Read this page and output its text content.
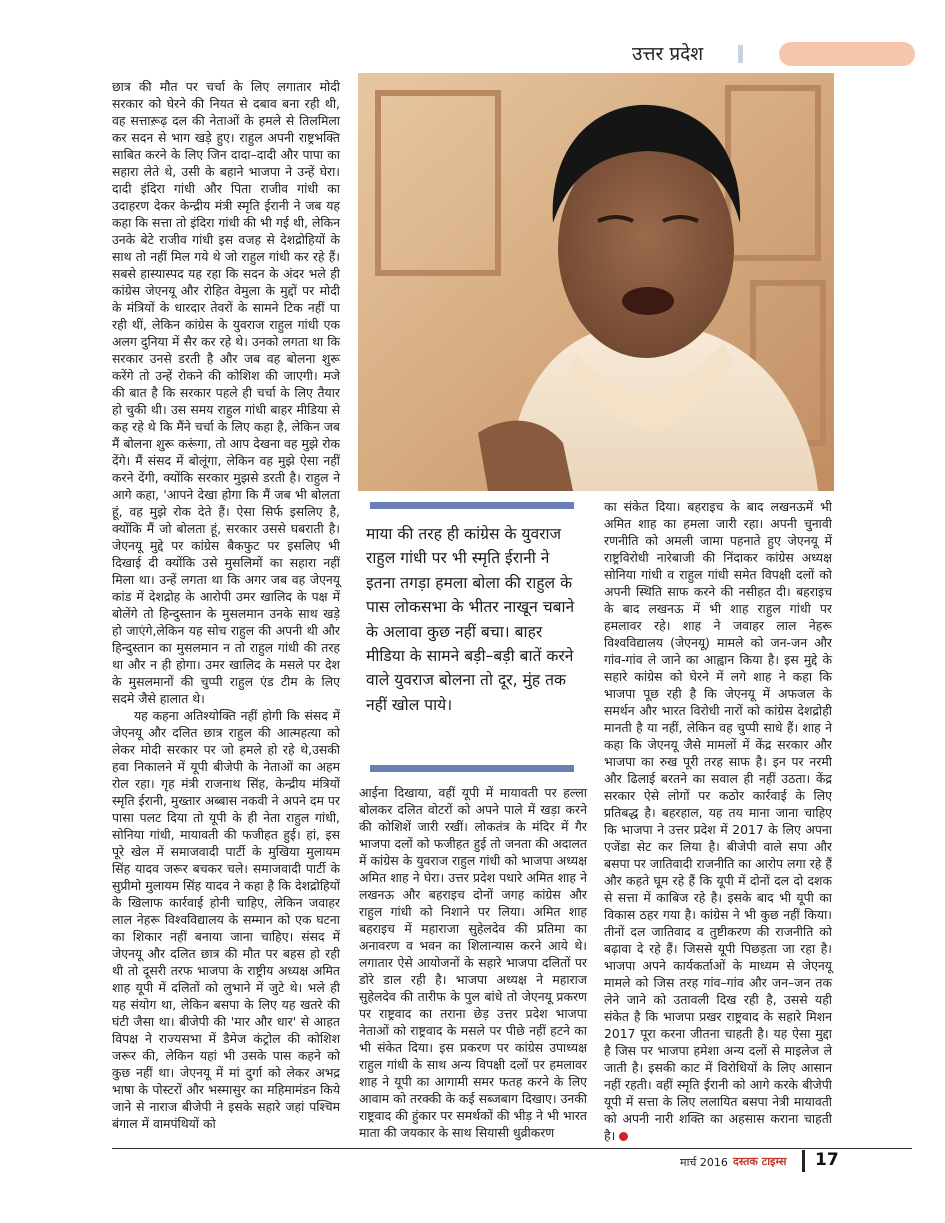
उत्तर प्रदेश

छात्र की मौत पर चर्चा के लिए लगातार मोदी सरकार को घेरने की नियत से दबाव बना रही थी, वह सत्ताऱूढ़ दल की नेताओं के हमले से तिलमिला कर सदन से भाग खड़े हुए। राहुल अपनी राष्ट्रभक्ति साबित करने के लिए जिन दादा–दादी और पापा का सहारा लेते थे, उसी के बहाने भाजपा ने उन्हें घेरा। दादी इंदिरा गांधी और पिता राजीव गांधी का उदाहरण देकर केन्द्रीय मंत्री स्मृति ईरानी ने जब यह कहा कि सत्ता तो इंदिरा गांधी की भी गई थी, लेकिन उनके बेटे राजीव गांधी इस वजह से देशद्रोहियों के साथ तो नहीं मिल गये थे जो राहुल गांधी कर रहे हैं। सबसे हास्यास्पद यह रहा कि सदन के अंदर भले ही कांग्रेस जेएनयू और रोहित वेमुला के मुद्दों पर मोदी के मंत्रियों के धारदार तेवरों के सामने टिक नहीं पा रही थीं, लेकिन कांग्रेस के युवराज राहुल गांधी एक अलग दुनिया में सैर कर रहे थे। उनको लगता था कि सरकार उनसे डरती है और जब वह बोलना शुरू करेंगे तो उन्हें रोकने की कोशिश की जाएगी। मजे की बात है कि सरकार पहले ही चर्चा के लिए तैयार हो चुकी थी। उस समय राहुल गांधी बाहर मीडिया से कह रहे थे कि मैंने चर्चा के लिए कहा है, लेकिन जब मैं बोलना शुरू करूंगा, तो आप देखना वह मुझे रोक देंगे। मैं संसद में बोलूंगा, लेकिन वह मुझे ऐसा नहीं करने देंगी, क्योंकि सरकार मुझसे डरती है। राहुल ने आगे कहा, 'आपने देखा होगा कि मैं जब भी बोलता हूं, वह मुझे रोक देते हैं। ऐसा सिर्फ इसलिए है, क्योंकि मैं जो बोलता हूं, सरकार उससे घबराती है। जेएनयू मुद्दे पर कांग्रेस बैकफुट पर इसलिए भी दिखाई दी क्योंकि उसे मुसलिमों का सहारा नहीं मिला था। उन्हें लगता था कि अगर जब वह जेएनयू कांड में देशद्रोह के आरोपी उमर खालिद के पक्ष में बोलेंगे तो हिन्दुस्तान के मुसलमान उनके साथ खड़े हो जाएंगे,लेकिन यह सोच राहुल की अपनी थी और हिन्दुस्तान का मुसलमान न तो राहुल गांधी की तरह था और न ही होगा। उमर खालिद के मसले पर देश के मुसलमानों की चुप्पी राहुल एंड टीम के लिए सदमे जैसे हालात थे।

यह कहना अतिश्योक्ति नहीं होगी कि संसद में जेएनयू और दलित छात्र राहुल की आत्महत्या को लेकर मोदी सरकार पर जो हमले हो रहे थे,उसकी हवा निकालने में यूपी बीजेपी के नेताओं का अहम रोल रहा। गृह मंत्री राजनाथ सिंह, केन्द्रीय मंत्रियों स्मृति ईरानी, मुख्तार अब्बास नकवी ने अपने दम पर पासा पलट दिया तो यूपी के ही नेता राहुल गांधी, सोनिया गांधी, मायावती की फजीहत हुई। हां, इस पूरे खेल में समाजवादी पार्टी के मुखिया मुलायम सिंह यादव जरूर बचकर चले। समाजवादी पार्टी के सुप्रीमो मुलायम सिंह यादव ने कहा है कि देशद्रोहियों के खिलाफ कार्रवाई होनी चाहिए, लेकिन जवाहर लाल नेहरू विश्वविद्यालय के सम्मान को एक घटना का शिकार नहीं बनाया जाना चाहिए। संसद में जेएनयू और दलित छात्र की मौत पर बहस हो रही थी तो दूसरी तरफ भाजपा के राष्ट्रीय अध्यक्ष अमित शाह यूपी में दलितों को लुभाने में जुटे थे। भले ही यह संयोग था, लेकिन बसपा के लिए यह खतरे की घंटी जैसा था। बीजेपी की 'मार और धार' से आहत विपक्ष ने राज्यसभा में डैमेज कंट्रोल की कोशिश जरूर की, लेकिन यहां भी उसके पास कहने को कुछ नहीं था। जेएनयू में मां दुर्गा को लेकर अभद्र भाषा के पोस्टरों और भस्मासुर का महिमामंडन किये जाने से नाराज बीजेपी ने इसके सहारे जहां पश्चिम बंगाल में वामपंथियों को

माया की तरह ही कांग्रेस के युवराज राहुल गांधी पर भी स्मृति ईरानी ने इतना तगड़ा हमला बोला की राहुल के पास लोकसभा के भीतर नाखून चबाने के अलावा कुछ नहीं बचा। बाहर मीडिया के सामने बड़ी–बड़ी बातें करने वाले युवराज बोलना तो दूर, मुंह तक नहीं खोल पाये।

आईना दिखाया, वहीं यूपी में मायावती पर हल्ला बोलकर दलित वोटरों को अपने पाले में खड़ा करने की कोशिशें जारी रखीं। लोकतंत्र के मंदिर में गैर भाजपा दलों को फजीहत हुई तो जनता की अदालत में कांग्रेस के युवराज राहुल गांधी को भाजपा अध्यक्ष अमित शाह ने घेरा। उत्तर प्रदेश पधारे अमित शाह ने लखनऊ और बहराइच दोनों जगह कांग्रेस और राहुल गांधी को निशाने पर लिया। अमित शाह बहराइच में महाराजा सुहेलदेव की प्रतिमा का अनावरण व भवन का शिलान्यास करने आये थे। लगातार ऐसे आयोजनों के सहारे भाजपा दलितों पर डोरे डाल रही है। भाजपा अध्यक्ष ने महाराज सुहेलदेव की तारीफ के पुल बांधे तो जेएनयू प्रकरण पर राष्ट्रवाद का तराना छेड़ उत्तर प्रदेश भाजपा नेताओं को राष्ट्रवाद के मसले पर पीछे नहीं हटने का भी संकेत दिया। इस प्रकरण पर कांग्रेस उपाध्यक्ष राहुल गांधी के साथ अन्य विपक्षी दलों पर हमलावर शाह ने यूपी का आगामी समर फतह करने के लिए आवाम को तरक्की के कई सब्जबाग दिखाए। उनकी राष्ट्रवाद की हुंकार पर समर्थकों की भीड़ ने भी भारत माता की जयकार के साथ सियासी धुव्रीकरण

का संकेत दिया। बहराइच के बाद लखनऊमें भी अमित शाह का हमला जारी रहा। अपनी चुनावी रणनीति को अमली जामा पहनाते हुए जेएनयू में राष्ट्रविरोधी नारेबाजी की निंदाकर कांग्रेस अध्यक्ष सोनिया गांधी व राहुल गांधी समेत विपक्षी दलों को अपनी स्थिति साफ करने की नसीहत दी। बहराइच के बाद लखनऊ में भी शाह राहुल गांधी पर हमलावर रहे। शाह ने जवाहर लाल नेहरू विश्वविद्यालय (जेएनयू) मामले को जन-जन और गांव-गांव ले जाने का आह्वान किया है। इस मुद्दे के सहारे कांग्रेस को घेरने में लगे शाह ने कहा कि भाजपा पूछ रही है कि जेएनयू में अफजल के समर्थन और भारत विरोधी नारों को कांग्रेस देशद्रोही मानती है या नहीं, लेकिन वह चुप्पी साधे हैं। शाह ने कहा कि जेएनयू जैसे मामलों में केंद्र सरकार और भाजपा का रुख पूरी तरह साफ है। इन पर नरमी और ढिलाई बरतने का सवाल ही नहीं उठता। केंद्र सरकार ऐसे लोगों पर कठोर कार्रवाई के लिए प्रतिबद्ध है। बहरहाल, यह तय माना जाना चाहिए कि भाजपा ने उत्तर प्रदेश में 2017 के लिए अपना एजेंडा सेट कर लिया है। बीजेपी वाले सपा और बसपा पर जातिवादी राजनीति का आरोप लगा रहे हैं और कहते घूम रहे हैं कि यूपी में दोनों दल दो दशक से सत्ता में काबिज रहे है। इसके बाद भी यूपी का विकास ठहर गया है। कांग्रेस ने भी कुछ नहीं किया। तीनों दल जातिवाद व तुष्टीकरण की राजनीति को बढ़ावा दे रहे हैं। जिससे यूपी पिछड़ता जा रहा है। भाजपा अपने कार्यकर्ताओं के माध्यम से जेएनयू मामले को जिस तरह गांव–गांव और जन–जन तक लेने जाने को उतावली दिख रही है, उससे यही संकेत है कि भाजपा प्रखर राष्ट्रवाद के सहारे मिशन 2017 पूरा करना जीतना चाहती है। यह ऐसा मुद्दा है जिस पर भाजपा हमेशा अन्य दलों से माइलेज ले जाती है। इसकी काट में विरोधियों के लिए आसान नहीं रहती। वहीं स्मृति ईरानी को आगे करके बीजेपी यूपी में सत्ता के लिए ललायित बसपा नेत्री मायावती को अपनी नारी शक्ति का अहसास कराना चाहती है।

मार्च 2016 दस्तक टाइम्स 17
